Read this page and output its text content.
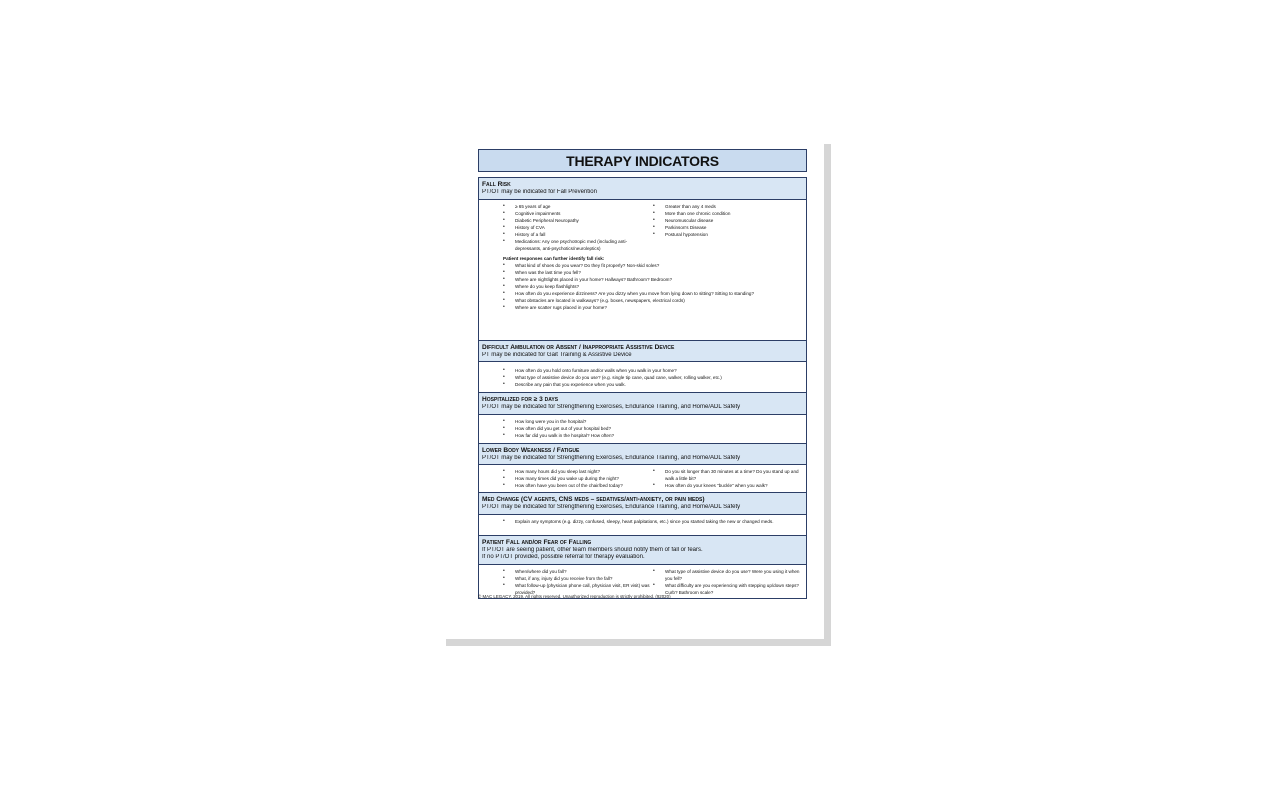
THERAPY INDICATORS
Fall Risk
PT/OT may be indicated for Fall Prevention
• ≥ 65 years of age
• Cognitive impairments
• Diabetic Peripheral Neuropathy
• History of CVA
• History of a fall
• Medications: Any one psychotropic med (including anti-depressants, anti-psychotics/neuroleptics)
• Greater than any 4 meds
• More than one chronic condition
• Neuromuscular disease
• Parkinson's Disease
• Postural hypotension
Patient responses can further identify fall risk:
• What kind of shoes do you wear? Do they fit properly? Non-skid soles?
• When was the last time you fell?
• Where are nightlights placed in your home? Hallways? Bathroom? Bedroom?
• Where do you keep flashlights?
• How often do you experience dizziness? Are you dizzy when you move from lying down to sitting? Sitting to standing?
• What obstacles are located in walkways? (e.g. boxes, newspapers, electrical cords)
• Where are scatter rugs placed in your home?
Difficult Ambulation or Absent / Inappropriate Assistive Device
PT may be indicated for Gait Training & Assistive Device
• How often do you hold onto furniture and/or walls when you walk in your home?
• What type of assistive device do you use? (e.g. single tip cane, quad cane, walker, rolling walker, etc.)
• Describe any pain that you experience when you walk.
Hospitalized for ≥ 3 days
PT/OT may be indicated for Strengthening Exercises, Endurance Training, and Home/ADL Safety
• How long were you in the hospital?
• How often did you get out of your hospital bed?
• How far did you walk in the hospital? How often?
Lower Body Weakness / Fatigue
PT/OT may be indicated for Strengthening Exercises, Endurance Training, and Home/ADL Safety
• How many hours did you sleep last night?
• How many times did you wake up during the night?
• How often have you been out of the chair/bed today?
• Do you sit longer than 30 minutes at a time? Do you stand up and walk a little bit?
• How often do your knees "buckle" when you walk?
Med Change (CV agents, CNS meds – sedatives/anti-anxiety, or pain meds)
PT/OT may be indicated for Strengthening Exercises, Endurance Training, and Home/ADL Safety
• Explain any symptoms (e.g. dizzy, confused, sleepy, heart palpitations, etc.) since you started taking the new or changed meds.
Patient Fall and/or Fear of Falling
If PT/OT are seeing patient, other team members should notify them of fall or fears.
If no PT/OT provided, possible referral for therapy evaluation.
• When/where did you fall?
• What, if any, injury did you receive from the fall?
• What follow-up (physician phone call, physician visit, ER visit) was provided?
• What type of assistive device do you use? Were you using it when you fell?
• What difficulty are you experiencing with stepping up/down steps? Curb? Bathroom scale?
© MAC LEGACY, 2019. All rights reserved. Unauthorized reproduction is strictly prohibited. (92020)
